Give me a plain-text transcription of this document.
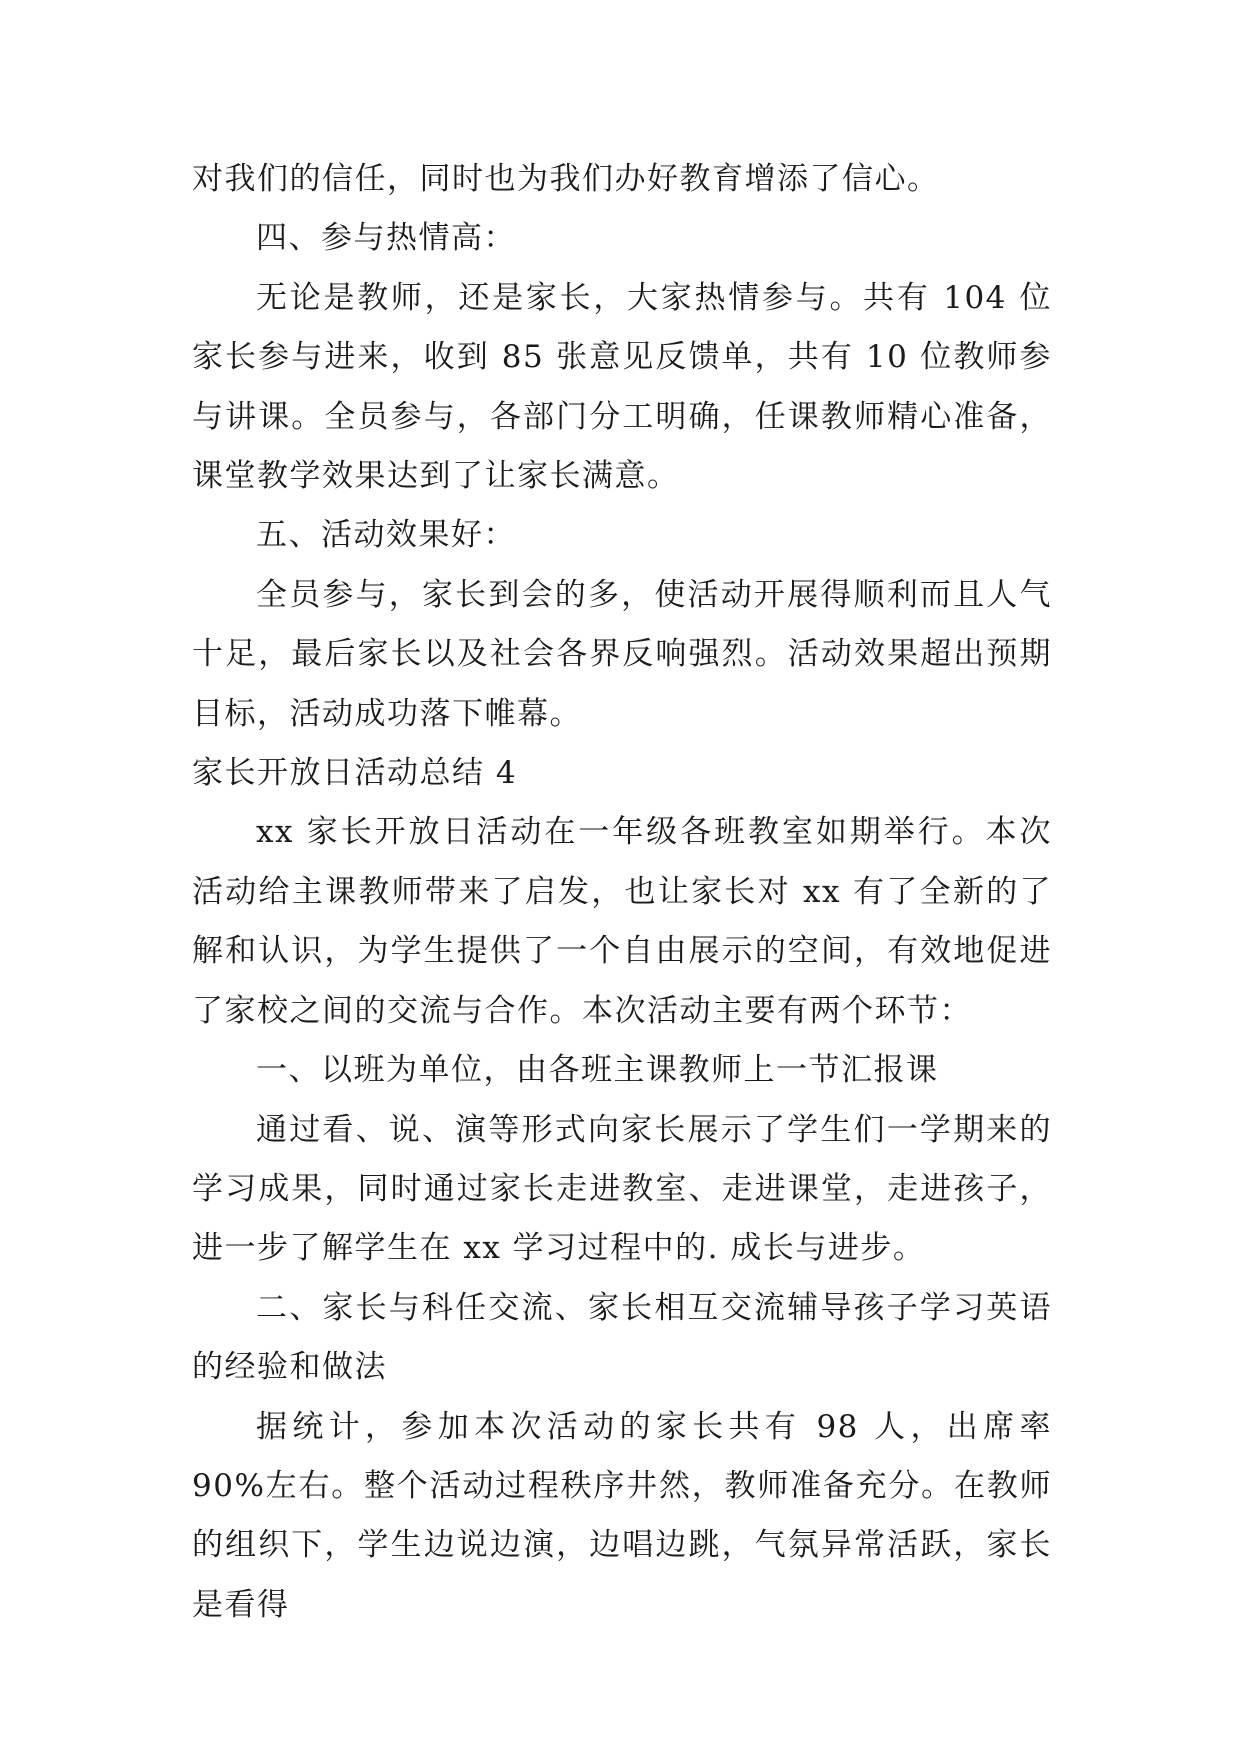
对我们的信任，同时也为我们办好教育增添了信心。

四、参与热情高：

无论是教师，还是家长，大家热情参与。共有 104 位家长参与进来，收到 85 张意见反馈单，共有 10 位教师参与讲课。全员参与，各部门分工明确，任课教师精心准备，课堂教学效果达到了让家长满意。

五、活动效果好：

全员参与，家长到会的多，使活动开展得顺利而且人气十足，最后家长以及社会各界反响强烈。活动效果超出预期目标，活动成功落下帷幕。

家长开放日活动总结 4

xx 家长开放日活动在一年级各班教室如期举行。本次活动给主课教师带来了启发，也让家长对 xx 有了全新的了解和认识，为学生提供了一个自由展示的空间，有效地促进了家校之间的交流与合作。本次活动主要有两个环节：

一、以班为单位，由各班主课教师上一节汇报课

通过看、说、演等形式向家长展示了学生们一学期来的学习成果，同时通过家长走进教室、走进课堂，走进孩子，进一步了解学生在 xx 学习过程中的. 成长与进步。

二、家长与科任交流、家长相互交流辅导孩子学习英语的经验和做法

据统计，参加本次活动的家长共有 98 人，出席率 90%左右。整个活动过程秩序井然，教师准备充分。在教师的组织下，学生边说边演，边唱边跳，气氛异常活跃，家长是看得
